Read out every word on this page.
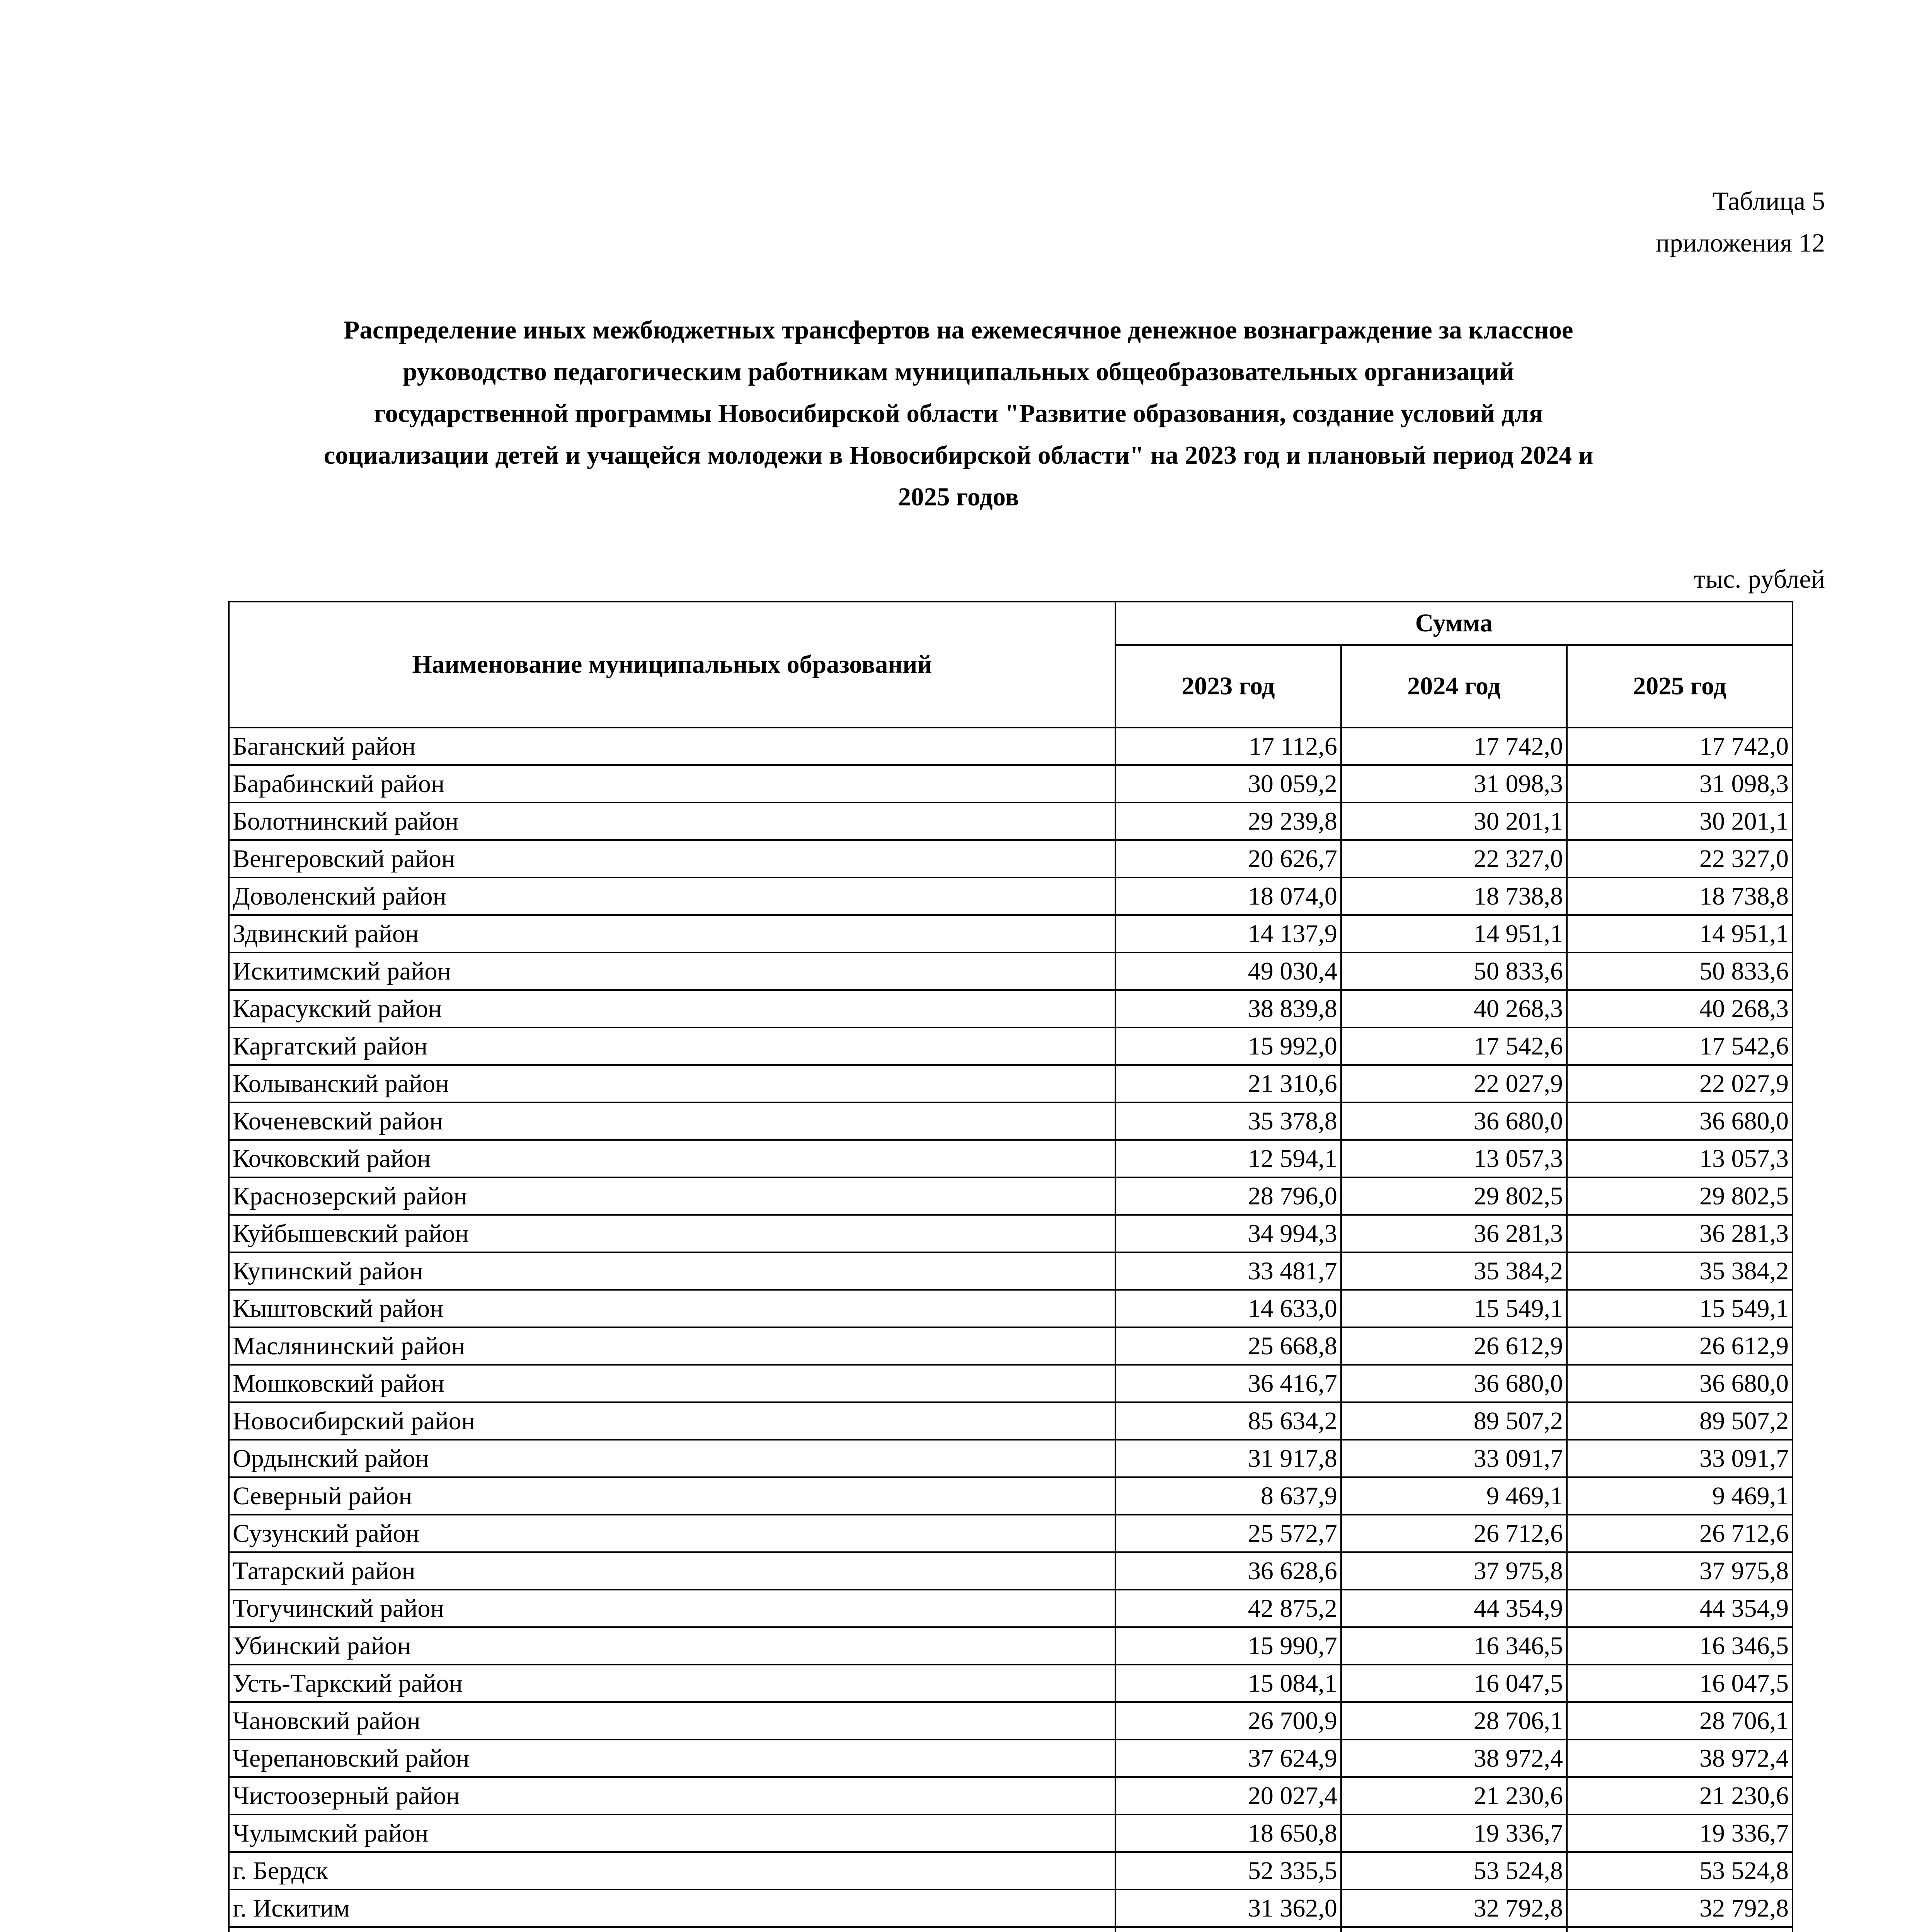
Таблица 5
приложения 12
Распределение иных межбюджетных трансфертов на ежемесячное денежное вознаграждение за классное
руководство педагогическим работникам муниципальных общеобразовательных организаций
государственной программы Новосибирской области "Развитие образования, создание условий для
социализации детей и учащейся молодежи в Новосибирской области" на 2023 год и плановый период 2024 и
2025 годов
тыс. рублей
Наименование муниципальных образований	Сумма		
	2023 год	2024 год	2025 год
Баганский район	17 112,6	17 742,0	17 742,0
Барабинский район	30 059,2	31 098,3	31 098,3
Болотнинский район	29 239,8	30 201,1	30 201,1
Венгеровский район	20 626,7	22 327,0	22 327,0
Доволенский район	18 074,0	18 738,8	18 738,8
Здвинский район	14 137,9	14 951,1	14 951,1
Искитимский район	49 030,4	50 833,6	50 833,6
Карасукский район	38 839,8	40 268,3	40 268,3
Каргатский район	15 992,0	17 542,6	17 542,6
Колыванский район	21 310,6	22 027,9	22 027,9
Коченевский район	35 378,8	36 680,0	36 680,0
Кочковский район	12 594,1	13 057,3	13 057,3
Краснозерский район	28 796,0	29 802,5	29 802,5
Куйбышевский район	34 994,3	36 281,3	36 281,3
Купинский район	33 481,7	35 384,2	35 384,2
Кыштовский район	14 633,0	15 549,1	15 549,1
Маслянинский район	25 668,8	26 612,9	26 612,9
Мошковский район	36 416,7	36 680,0	36 680,0
Новосибирский район	85 634,2	89 507,2	89 507,2
Ордынский район	31 917,8	33 091,7	33 091,7
Северный район	8 637,9	9 469,1	9 469,1
Сузунский район	25 572,7	26 712,6	26 712,6
Татарский район	36 628,6	37 975,8	37 975,8
Тогучинский район	42 875,2	44 354,9	44 354,9
Убинский район	15 990,7	16 346,5	16 346,5
Усть-Таркский район	15 084,1	16 047,5	16 047,5
Чановский район	26 700,9	28 706,1	28 706,1
Черепановский район	37 624,9	38 972,4	38 972,4
Чистоозерный район	20 027,4	21 230,6	21 230,6
Чулымский район	18 650,8	19 336,7	19 336,7
г. Бердск	52 335,5	53 524,8	53 524,8
г. Искитим	31 362,0	32 792,8	32 792,8
